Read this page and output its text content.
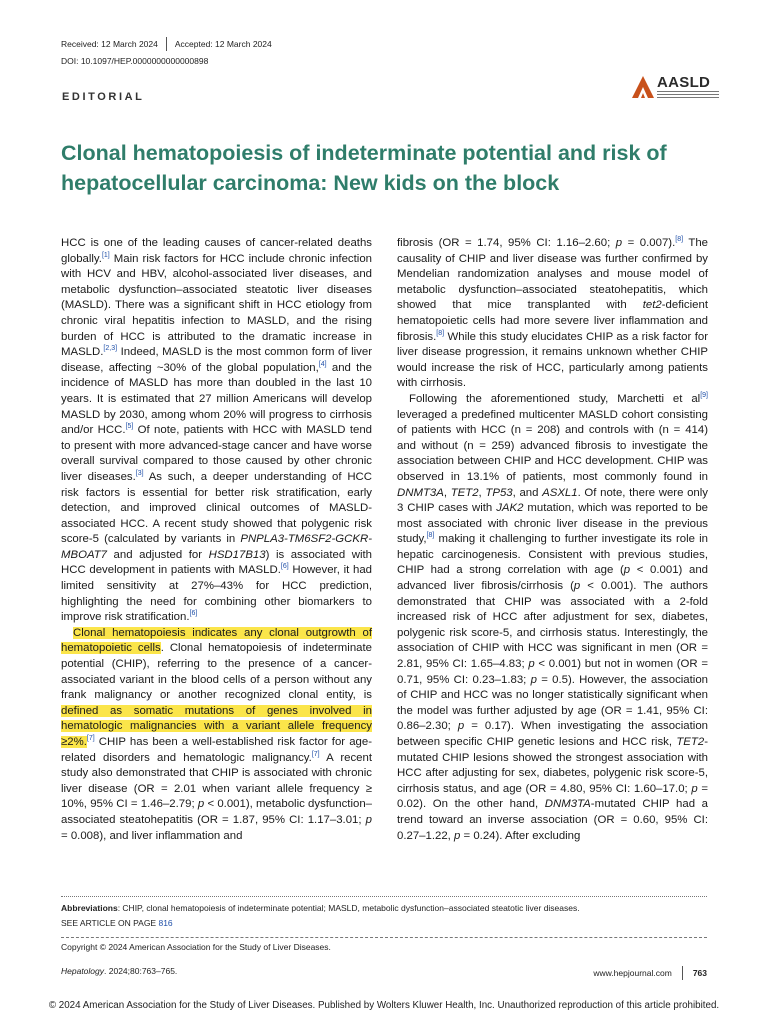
Received: 12 March 2024 Accepted: 12 March 2024
DOI: 10.1097/HEP.0000000000000898
EDITORIAL
AASLD
Clonal hematopoiesis of indeterminate potential and risk of hepatocellular carcinoma: New kids on the block

HCC is one of the leading causes of cancer-related deaths globally.[1] Main risk factors for HCC include chronic infection with HCV and HBV, alcohol-associated liver diseases, and metabolic dysfunction–associated steatotic liver diseases (MASLD). There was a significant shift in HCC etiology from chronic viral hepatitis infection to MASLD, and the rising burden of HCC is attributed to the dramatic increase in MASLD.[2,3] Indeed, MASLD is the most common form of liver disease, affecting ~30% of the global population,[4] and the incidence of MASLD has more than doubled in the last 10 years. It is estimated that 27 million Americans will develop MASLD by 2030, among whom 20% will progress to cirrhosis and/or HCC.[5] Of note, patients with HCC with MASLD tend to present with more advanced-stage cancer and have worse overall survival compared to those caused by other chronic liver diseases.[3] As such, a deeper understanding of HCC risk factors is essential for better risk stratification, early detection, and improved clinical outcomes of MASLD-associated HCC. A recent study showed that polygenic risk score-5 (calculated by variants in PNPLA3-TM6SF2-GCKR-MBOAT7 and adjusted for HSD17B13) is associated with HCC development in patients with MASLD.[6] However, it had limited sensitivity at 27%–43% for HCC prediction, highlighting the need for combining other biomarkers to improve risk stratification.[6]

Clonal hematopoiesis indicates any clonal outgrowth of hematopoietic cells. Clonal hematopoiesis of indeterminate potential (CHIP), referring to the presence of a cancer-associated variant in the blood cells of a person without any frank malignancy or another recognized clonal entity, is defined as somatic mutations of genes involved in hematologic malignancies with a variant allele frequency ≥2%.[7] CHIP has been a well-established risk factor for age-related disorders and hematologic malignancy.[7] A recent study also demonstrated that CHIP is associated with chronic liver disease (OR = 2.01 when variant allele frequency ≥ 10%, 95% CI = 1.46–2.79; p < 0.001), metabolic dysfunction–associated steatohepatitis (OR = 1.87, 95% CI: 1.17–3.01; p = 0.008), and liver inflammation and

fibrosis (OR = 1.74, 95% CI: 1.16–2.60; p = 0.007).[8] The causality of CHIP and liver disease was further confirmed by Mendelian randomization analyses and mouse model of metabolic dysfunction–associated steatohepatitis, which showed that mice transplanted with tet2-deficient hematopoietic cells had more severe liver inflammation and fibrosis.[8] While this study elucidates CHIP as a risk factor for liver disease progression, it remains unknown whether CHIP would increase the risk of HCC, particularly among patients with cirrhosis.

Following the aforementioned study, Marchetti et al[9] leveraged a predefined multicenter MASLD cohort consisting of patients with HCC (n = 208) and controls with (n = 414) and without (n = 259) advanced fibrosis to investigate the association between CHIP and HCC development. CHIP was observed in 13.1% of patients, most commonly found in DNMT3A, TET2, TP53, and ASXL1. Of note, there were only 3 CHIP cases with JAK2 mutation, which was reported to be most associated with chronic liver disease in the previous study,[8] making it challenging to further investigate its role in hepatic carcinogenesis. Consistent with previous studies, CHIP had a strong correlation with age (p < 0.001) and advanced liver fibrosis/cirrhosis (p < 0.001). The authors demonstrated that CHIP was associated with a 2-fold increased risk of HCC after adjustment for sex, diabetes, polygenic risk score-5, and cirrhosis status. Interestingly, the association of CHIP with HCC was significant in men (OR = 2.81, 95% CI: 1.65–4.83; p < 0.001) but not in women (OR = 0.71, 95% CI: 0.23–1.83; p = 0.5). However, the association of CHIP and HCC was no longer statistically significant when the model was further adjusted by age (OR = 1.41, 95% CI: 0.86–2.30; p = 0.17). When investigating the association between specific CHIP genetic lesions and HCC risk, TET2-mutated CHIP lesions showed the strongest association with HCC after adjusting for sex, diabetes, polygenic risk score-5, cirrhosis status, and age (OR = 4.80, 95% CI: 1.60–17.0; p = 0.02). On the other hand, DNM3TA-mutated CHIP had a trend toward an inverse association (OR = 0.60, 95% CI: 0.27–1.22, p = 0.24). After excluding

Abbreviations: CHIP, clonal hematopoiesis of indeterminate potential; MASLD, metabolic dysfunction–associated steatotic liver diseases.
SEE ARTICLE ON PAGE 816
Copyright © 2024 American Association for the Study of Liver Diseases.
Hepatology. 2024;80:763–765.	www.hepjournal.com 763
© 2024 American Association for the Study of Liver Diseases. Published by Wolters Kluwer Health, Inc. Unauthorized reproduction of this article prohibited.
